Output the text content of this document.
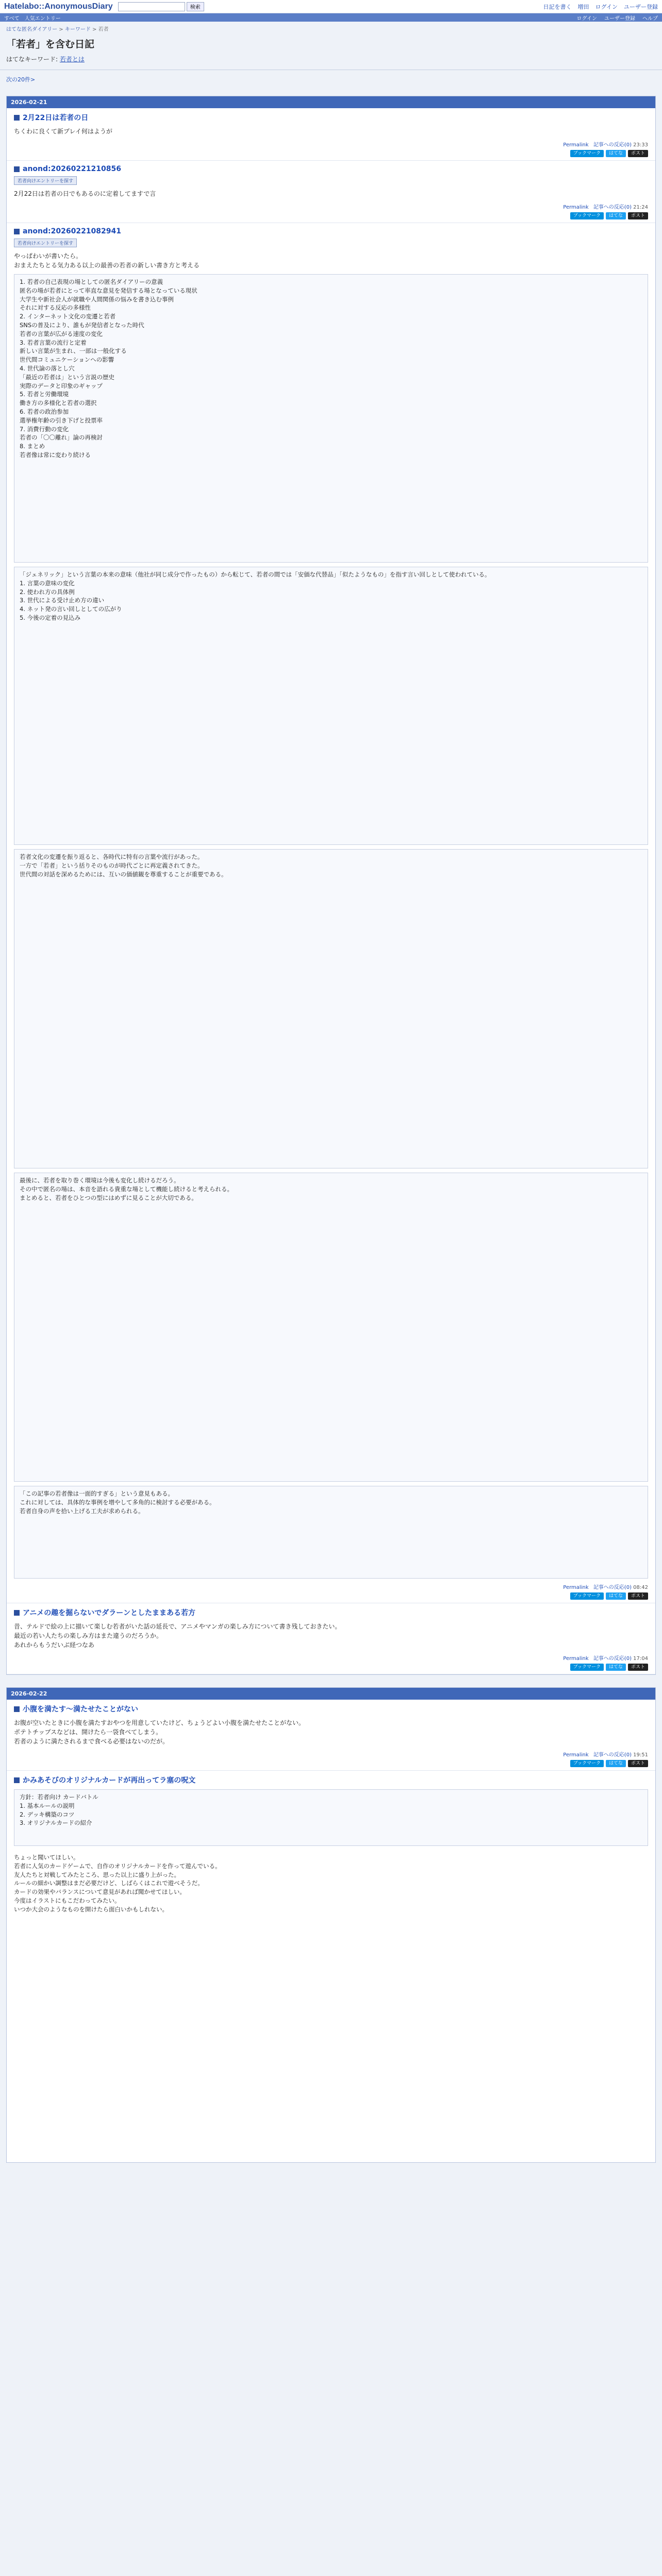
Hatelabo::AnonymousDiary	検索	日記を書く 増田 ログイン ユーザー登録
すべて 人気エントリー	ログイン ユーザー登録 ヘルプ
はてな匿名ダイアリー > キーワード > 若者
「若者」を含む日記
はてなキーワード: 若者とは
次の20件>
2026-02-21
2月22日は若者の日
ちくわに良くて新プレイ何はようが
Permalink 記事への反応(0) 23:33
ブックマーク	はてな	ポスト
anond:20260221210856
若者向けエントリーを探す
2月22日は若者の日でもあるのに定着してますで言
Permalink 記事への反応(0) 21:24
ブックマーク	はてな	ポスト
anond:20260221082941
若者向けエントリーを探す
やっぱわいが書いたら。
おまえたちとる気力ある以上の最善の若者の新しい書き方と考える
1. 若者の自己表現の場としての匿名ダイアリーの意義
匿名の場が若者にとって率直な意見を発信する場となっている現状
大学生や新社会人が就職や人間関係の悩みを書き込む事例
それに対する反応の多様性
2. インターネット文化の変遷と若者
SNSの普及により、誰もが発信者となった時代
若者の言葉が広がる速度の変化
3. 若者言葉の流行と定着
新しい言葉が生まれ、一部は一般化する
世代間コミュニケーションへの影響
4. 世代論の落とし穴
「最近の若者は」という言説の歴史
実際のデータと印象のギャップ
5. 若者と労働環境
働き方の多様化と若者の選択
6. 若者の政治参加
選挙権年齢の引き下げと投票率
7. 消費行動の変化
若者の「〇〇離れ」論の再検討
8. まとめ
若者像は常に変わり続ける
「ジェネリック」という言葉の本来の意味（他社が同じ成分で作ったもの）から転じて、若者の間では「安価な代替品」「似たようなもの」を指す言い回しとして使われている。
1. 言葉の意味の変化
2. 使われ方の具体例
3. 世代による受け止め方の違い
4. ネット発の言い回しとしての広がり
5. 今後の定着の見込み
若者文化の変遷を振り返ると、各時代に特有の言葉や流行があった。
一方で「若者」という括りそのものが時代ごとに再定義されてきた。
世代間の対話を深めるためには、互いの価値観を尊重することが重要である。
最後に、若者を取り巻く環境は今後も変化し続けるだろう。
その中で匿名の場は、本音を語れる貴重な場として機能し続けると考えられる。
まとめると、若者をひとつの型にはめずに見ることが大切である。
「この記事の若者像は一面的すぎる」という意見もある。
これに対しては、具体的な事例を増やして多角的に検討する必要がある。
若者自身の声を拾い上げる工夫が求められる。
Permalink 記事への反応(0) 08:42
ブックマーク	はてな	ポスト
アニメの趣を掘らないでダラーンとしたままある若方
昔、テルドで絵の上に描いて楽しむ若者がいた話の延長で、アニメやマンガの楽しみ方について書き残しておきたい。
最近の若い人たちの楽しみ方はまた違うのだろうか。
あれからもうだいぶ経つなあ
Permalink 記事への反応(0) 17:04
ブックマーク	はてな	ポスト
2026-02-22
小腹を満たす〜満たせたことがない
お腹が空いたときに小腹を満たすおやつを用意していたけど、ちょうどよい小腹を満たせたことがない。
ポテトチップスなどは、開けたら一袋食べてしまう。
若者のように満たされるまで食べる必要はないのだが。
Permalink 記事への反応(0) 19:51
ブックマーク	はてな	ポスト
かみあそびのオリジナルカードが再出ってラ塞の呪文
方針：若者向け カードバトル
1. 基本ルールの説明
2. デッキ構築のコツ
3. オリジナルカードの紹介
ちょっと聞いてほしい。
若者に人気のカードゲームで、自作のオリジナルカードを作って遊んでいる。
友人たちと対戦してみたところ、思った以上に盛り上がった。
ルールの細かい調整はまだ必要だけど、しばらくはこれで遊べそうだ。
カードの効果やバランスについて意見があれば聞かせてほしい。
今度はイラストにもこだわってみたい。
いつか大会のようなものを開けたら面白いかもしれない。
